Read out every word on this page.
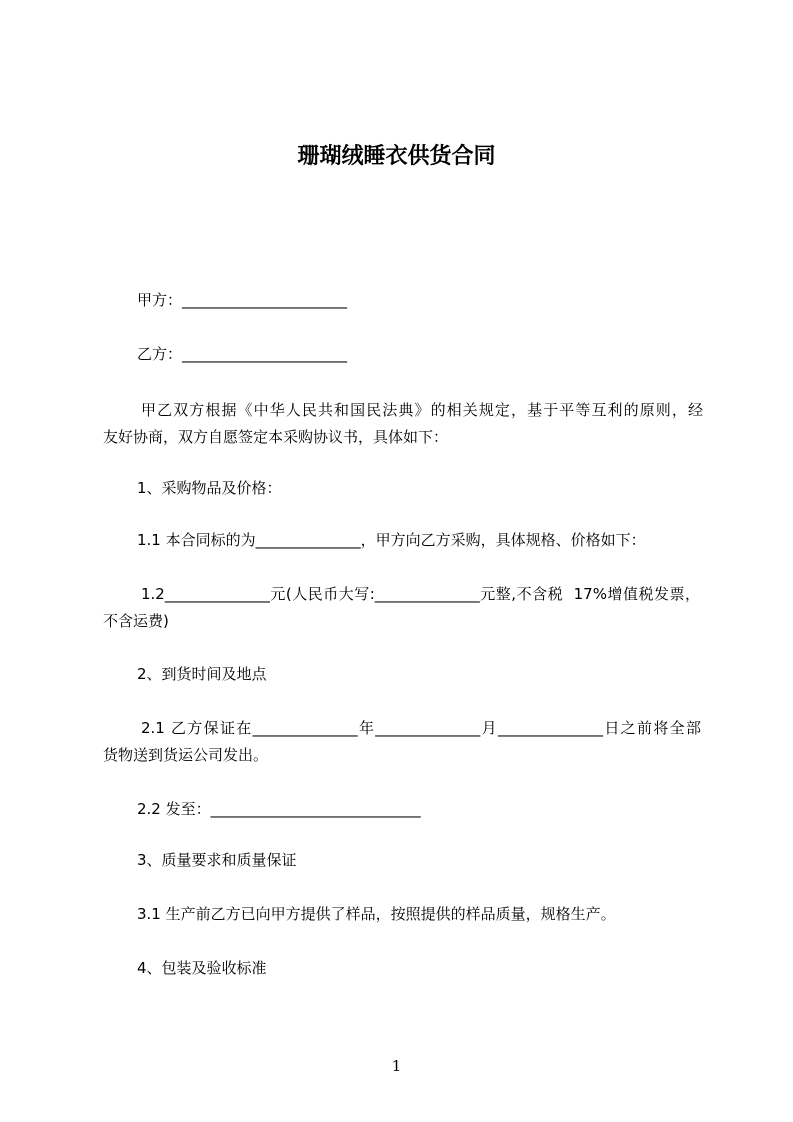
珊瑚绒睡衣供货合同
甲方：______________________
乙方：______________________
甲乙双方根据《中华人民共和国民法典》的相关规定，基于平等互利的原则，经
友好协商，双方自愿签定本采购协议书，具体如下：
1、采购物品及价格：
1.1 本合同标的为______________，甲方向乙方采购，具体规格、价格如下：
1.2______________元(人民币大写:______________元整,不含税  17%增值税发票，
不含运费)
2、到货时间及地点
2.1 乙方保证在______________年______________月______________日之前将全部
货物送到货运公司发出。
2.2 发至：____________________________
3、质量要求和质量保证
3.1 生产前乙方已向甲方提供了样品，按照提供的样品质量，规格生产。
4、包装及验收标准
1
